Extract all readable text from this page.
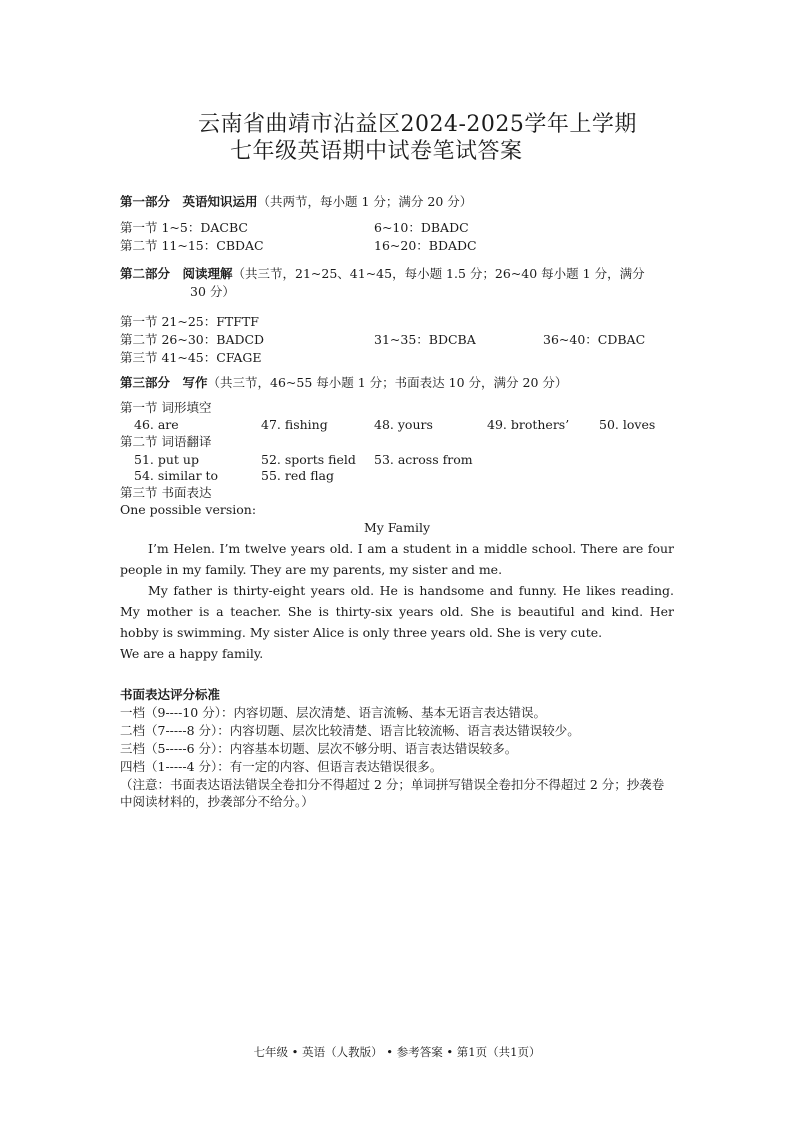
云南省曲靖市沾益区2024-2025学年上学期
七年级英语期中试卷笔试答案
第一部分　英语知识运用（共两节，每小题 1 分；满分 20 分）
第一节 1~5：DACBC	6~10：DBADC
第二节 11~15：CBDAC	16~20：BDADC
第二部分　阅读理解（共三节，21~25、41~45，每小题 1.5 分；26~40 每小题 1 分，满分
30 分）
第一节 21~25：FTFTF
第二节 26~30：BADCD	31~35：BDCBA	36~40：CDBAC
第三节 41~45：CFAGE
第三部分　写作（共三节，46~55 每小题 1 分；书面表达 10 分，满分 20 分）
第一节 词形填空
46. are	47. fishing	48. yours	49. brothers’ 50. loves
第二节 词语翻译
51. put up	52. sports field 53. across from
54. similar to	55. red flag
第三节 书面表达
One possible version:
My Family
I’m Helen. I’m twelve years old. I am a student in a middle school. There are four people in my family. They are my parents, my sister and me.
My father is thirty-eight years old. He is handsome and funny. He likes reading. My mother is a teacher. She is thirty-six years old. She is beautiful and kind. Her hobby is swimming. My sister Alice is only three years old. She is very cute.
We are a happy family.
书面表达评分标准
一档（9----10 分）：内容切题、层次清楚、语言流畅、基本无语言表达错误。
二档（7-----8 分）：内容切题、层次比较清楚、语言比较流畅、语言表达错误较少。
三档（5-----6 分）：内容基本切题、层次不够分明、语言表达错误较多。
四档（1-----4 分）：有一定的内容、但语言表达错误很多。
（注意：书面表达语法错误全卷扣分不得超过 2 分；单词拼写错误全卷扣分不得超过 2 分；抄袭卷中阅读材料的，抄袭部分不给分。）
七年级 • 英语（人教版） • 参考答案 • 第1页（共1页）
